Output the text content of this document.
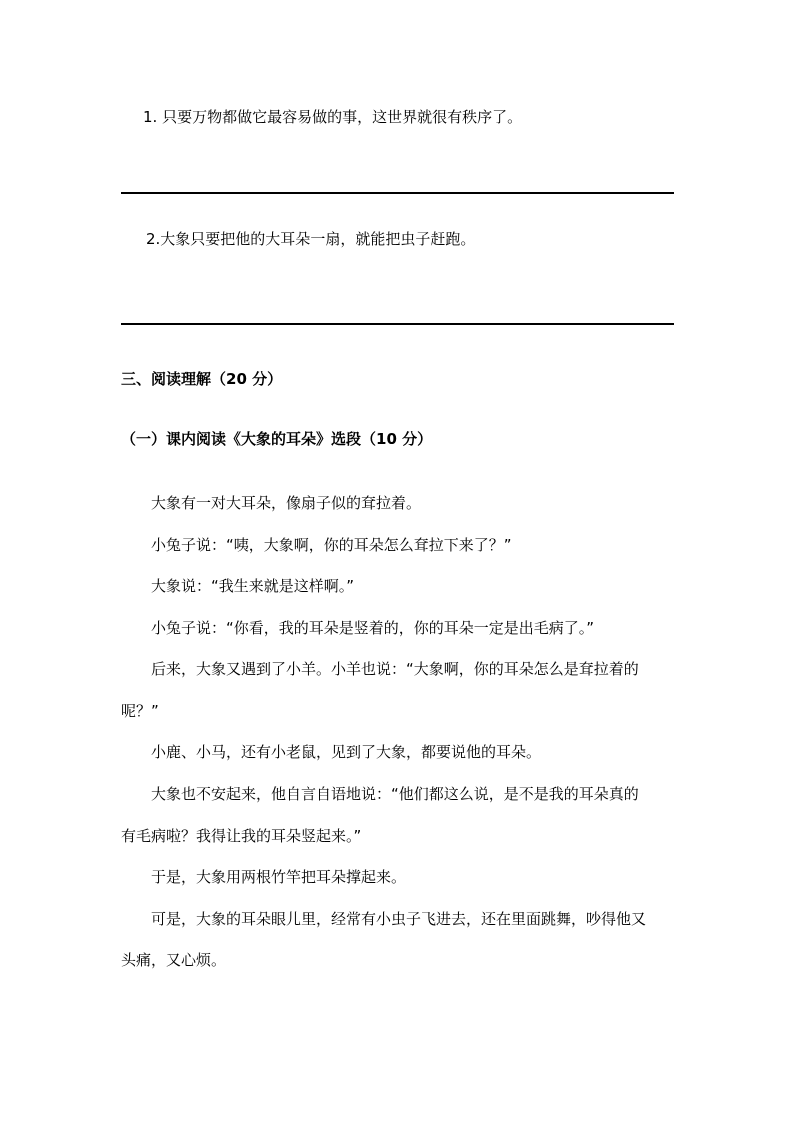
1. 只要万物都做它最容易做的事，这世界就很有秩序了。
2.大象只要把他的大耳朵一扇，就能把虫子赶跑。
三、阅读理解（20 分）
（一）课内阅读《大象的耳朵》选段（10 分）
大象有一对大耳朵，像扇子似的耷拉着。
小兔子说：“咦，大象啊，你的耳朵怎么耷拉下来了？”
大象说：“我生来就是这样啊。”
小兔子说：“你看，我的耳朵是竖着的，你的耳朵一定是出毛病了。”
后来，大象又遇到了小羊。小羊也说：“大象啊，你的耳朵怎么是耷拉着的
呢？”
小鹿、小马，还有小老鼠，见到了大象，都要说他的耳朵。
大象也不安起来，他自言自语地说：“他们都这么说，是不是我的耳朵真的
有毛病啦？我得让我的耳朵竖起来。”
于是，大象用两根竹竿把耳朵撑起来。
可是，大象的耳朵眼儿里，经常有小虫子飞进去，还在里面跳舞，吵得他又
头痛，又心烦。
